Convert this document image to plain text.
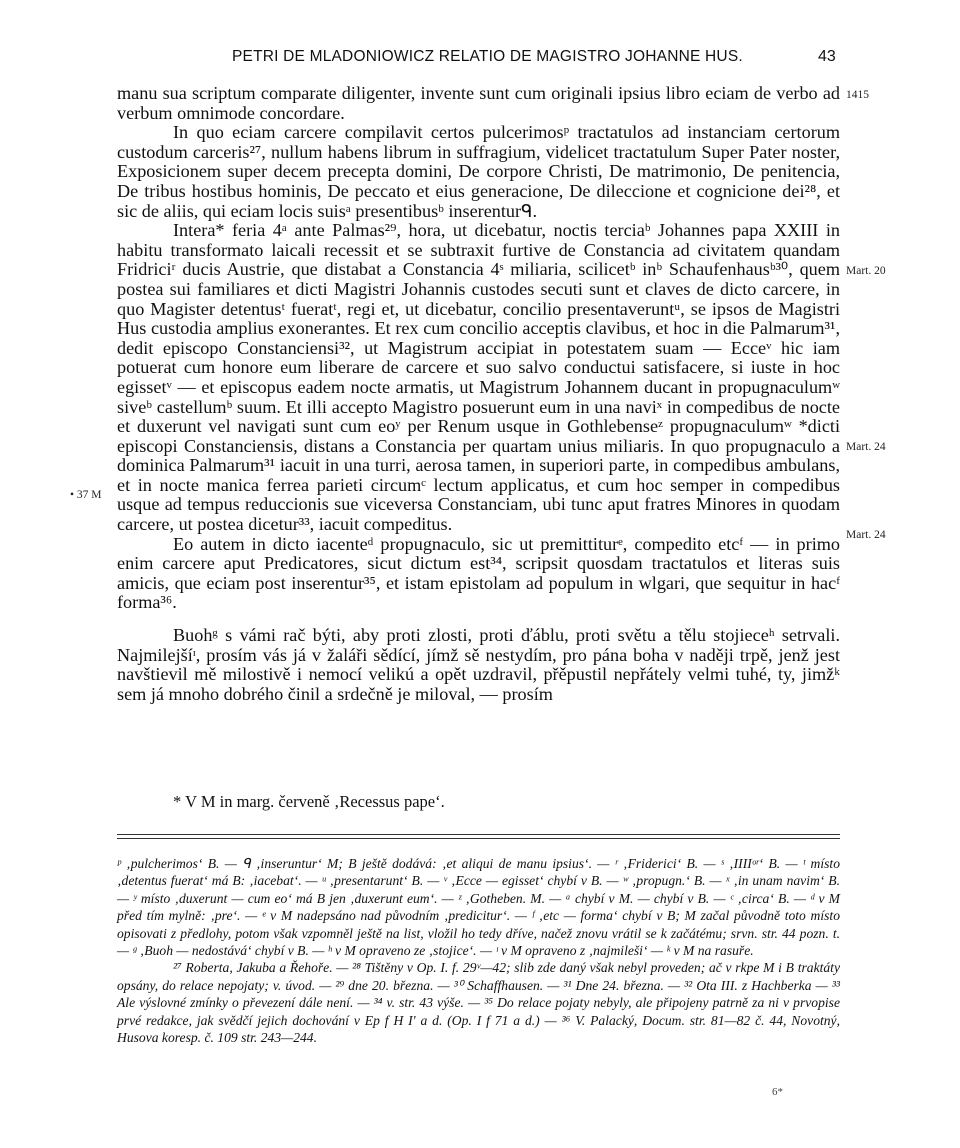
PETRI DE MLADONIOWICZ RELATIO DE MAGISTRO JOHANNE HUS.	43
1415
Mart. 20
Mart. 24
• 37 M
Mart. 24

manu sua scriptum comparate diligenter, invente sunt cum originali ipsius libro eciam de verbo ad verbum omnimode concordare.

In quo eciam carcere compilavit certos pulcerimosᵖ tractatulos ad instanciam certorum custodum carceris²⁷, nullum habens librum in suffragium, videlicet tractatulum Super Pater noster, Exposicionem super decem precepta domini, De corpore Christi, De matrimonio, De penitencia, De tribus hostibus hominis, De peccato et eius generacione, De dileccione et cognicione dei²⁸, et sic de aliis, qui eciam locis suisᵃ presentibusᵇ inserenturᑫ.

Intera* feria 4ᵃ ante Palmas²⁹, hora, ut dicebatur, noctis terciaᵇ Johannes papa XXIII in habitu transformato laicali recessit et se subtraxit furtive de Constancia ad civitatem quandam Fridriciʳ ducis Austrie, que distabat a Constancia 4ˢ miliaria, scilicetᵇ inᵇ Schaufenhausᵇ³⁰, quem postea sui familiares et dicti Magistri Johannis custodes secuti sunt et claves de dicto carcere, in quo Magister detentusᵗ fueratᵗ, regi et, ut dicebatur, concilio presentaveruntᵘ, se ipsos de Magistri Hus custodia amplius exonerantes. Et rex cum concilio acceptis clavibus, et hoc in die Palmarum³¹, dedit episcopo Constanciensi³², ut Magistrum accipiat in potestatem suam — Ecceᵛ hic iam potuerat cum honore eum liberare de carcere et suo salvo conductui satisfacere, si iuste in hoc egissetᵛ — et episcopus eadem nocte armatis, ut Magistrum Johannem ducant in propugnaculumʷ siveᵇ castellumᵇ suum. Et illi accepto Magistro posuerunt eum in una naviˣ in compedibus de nocte et duxerunt vel navigati sunt cum eoʸ per Renum usque in Gothlebenseᶻ propugnaculumʷ *dicti episcopi Constanciensis, distans a Constancia per quartam unius miliaris. In quo propugnaculo a dominica Palmarum³¹ iacuit in una turri, aerosa tamen, in superiori parte, in compedibus ambulans, et in nocte manica ferrea parieti circumᶜ lectum applicatus, et cum hoc semper in compedibus usque ad tempus reduccionis sue viceversa Constanciam, ubi tunc aput fratres Minores in quodam carcere, ut postea dicetur³³, iacuit compeditus.

Eo autem in dicto iacenteᵈ propugnaculo, sic ut premittiturᵉ, compedito etcᶠ — in primo enim carcere aput Predicatores, sicut dictum est³⁴, scripsit quosdam tractatulos et literas suis amicis, que eciam post inserentur³⁵, et istam epistolam ad populum in wlgari, que sequitur in hacᶠ forma³⁶.

Buohᵍ s vámi rač býti, aby proti zlosti, proti ďáblu, proti světu a tělu stojieceʰ setrvali. Najmilejšíᶦ, prosím vás já v žaláři sědící, jímž sě nestydím, pro pána boha v naději trpě, jenž jest navštievil mě milostivě i nemocí velikú a opět uzdravil, přěpustil nepřátely velmi tuhé, ty, jimžᵏ sem já mnoho dobrého činil a srdečně je miloval, — prosím

* V M in marg. červeně ‚Recessus pape‘.

ᵖ ‚pulcherimos‘ B. — ᑫ ‚inseruntur‘ M; B ještě dodává: ‚et aliqui de manu ipsius‘. — ʳ ‚Friderici‘ B. — ˢ ‚IIIIᵒʳ‘ B. — ᵗ místo ‚detentus fuerat‘ má B: ‚iacebat‘. — ᵘ ‚presentarunt‘ B. — ᵛ ‚Ecce — egisset‘ chybí v B. — ʷ ‚propugn.‘ B. — ˣ ‚in unam navim‘ B. — ʸ místo ‚duxerunt — cum eo‘ má B jen ‚duxerunt eum‘. — ᶻ ‚Gotheben. M. — ᵃ chybí v M. — chybí v B. — ᶜ ‚circa‘ B. — ᵈ v M před tím mylně: ‚pre‘. — ᵉ v M nadepsáno nad původním ‚predicitur‘. — ᶠ ‚etc — forma‘ chybí v B; M začal původně toto místo opisovati z předlohy, potom však vzpomněl ještě na list, vložil ho tedy dříve, načež znovu vrátil se k začátému; srvn. str. 44 pozn. t. — ᵍ ‚Buoh — nedostává‘ chybí v B. — ʰ v M opraveno ze ‚stojice‘. — ᶦ v M opraveno z ‚najmileši‘ — ᵏ v M na rasuře.

²⁷ Roberta, Jakuba a Řehoře. — ²⁸ Tištěny v Op. I. f. 29ᵛ—42; slib zde daný však nebyl proveden; ač v rkpe M i B traktáty opsány, do relace nepojaty; v. úvod. — ²⁹ dne 20. března. — ³⁰ Schaffhausen. — ³¹ Dne 24. března. — ³² Ota III. z Hachberka — ³³ Ale výslovné zmínky o převezení dále není. — ³⁴ v. str. 43 výše. — ³⁵ Do relace pojaty nebyly, ale připojeny patrně za ni v prvopise prvé redakce, jak svědčí jejich dochování v Ep f H I' a d. (Op. I f 71 a d.) — ³⁶ V. Palacký, Docum. str. 81—82 č. 44, Novotný, Husova koresp. č. 109 str. 243—244.

6*
